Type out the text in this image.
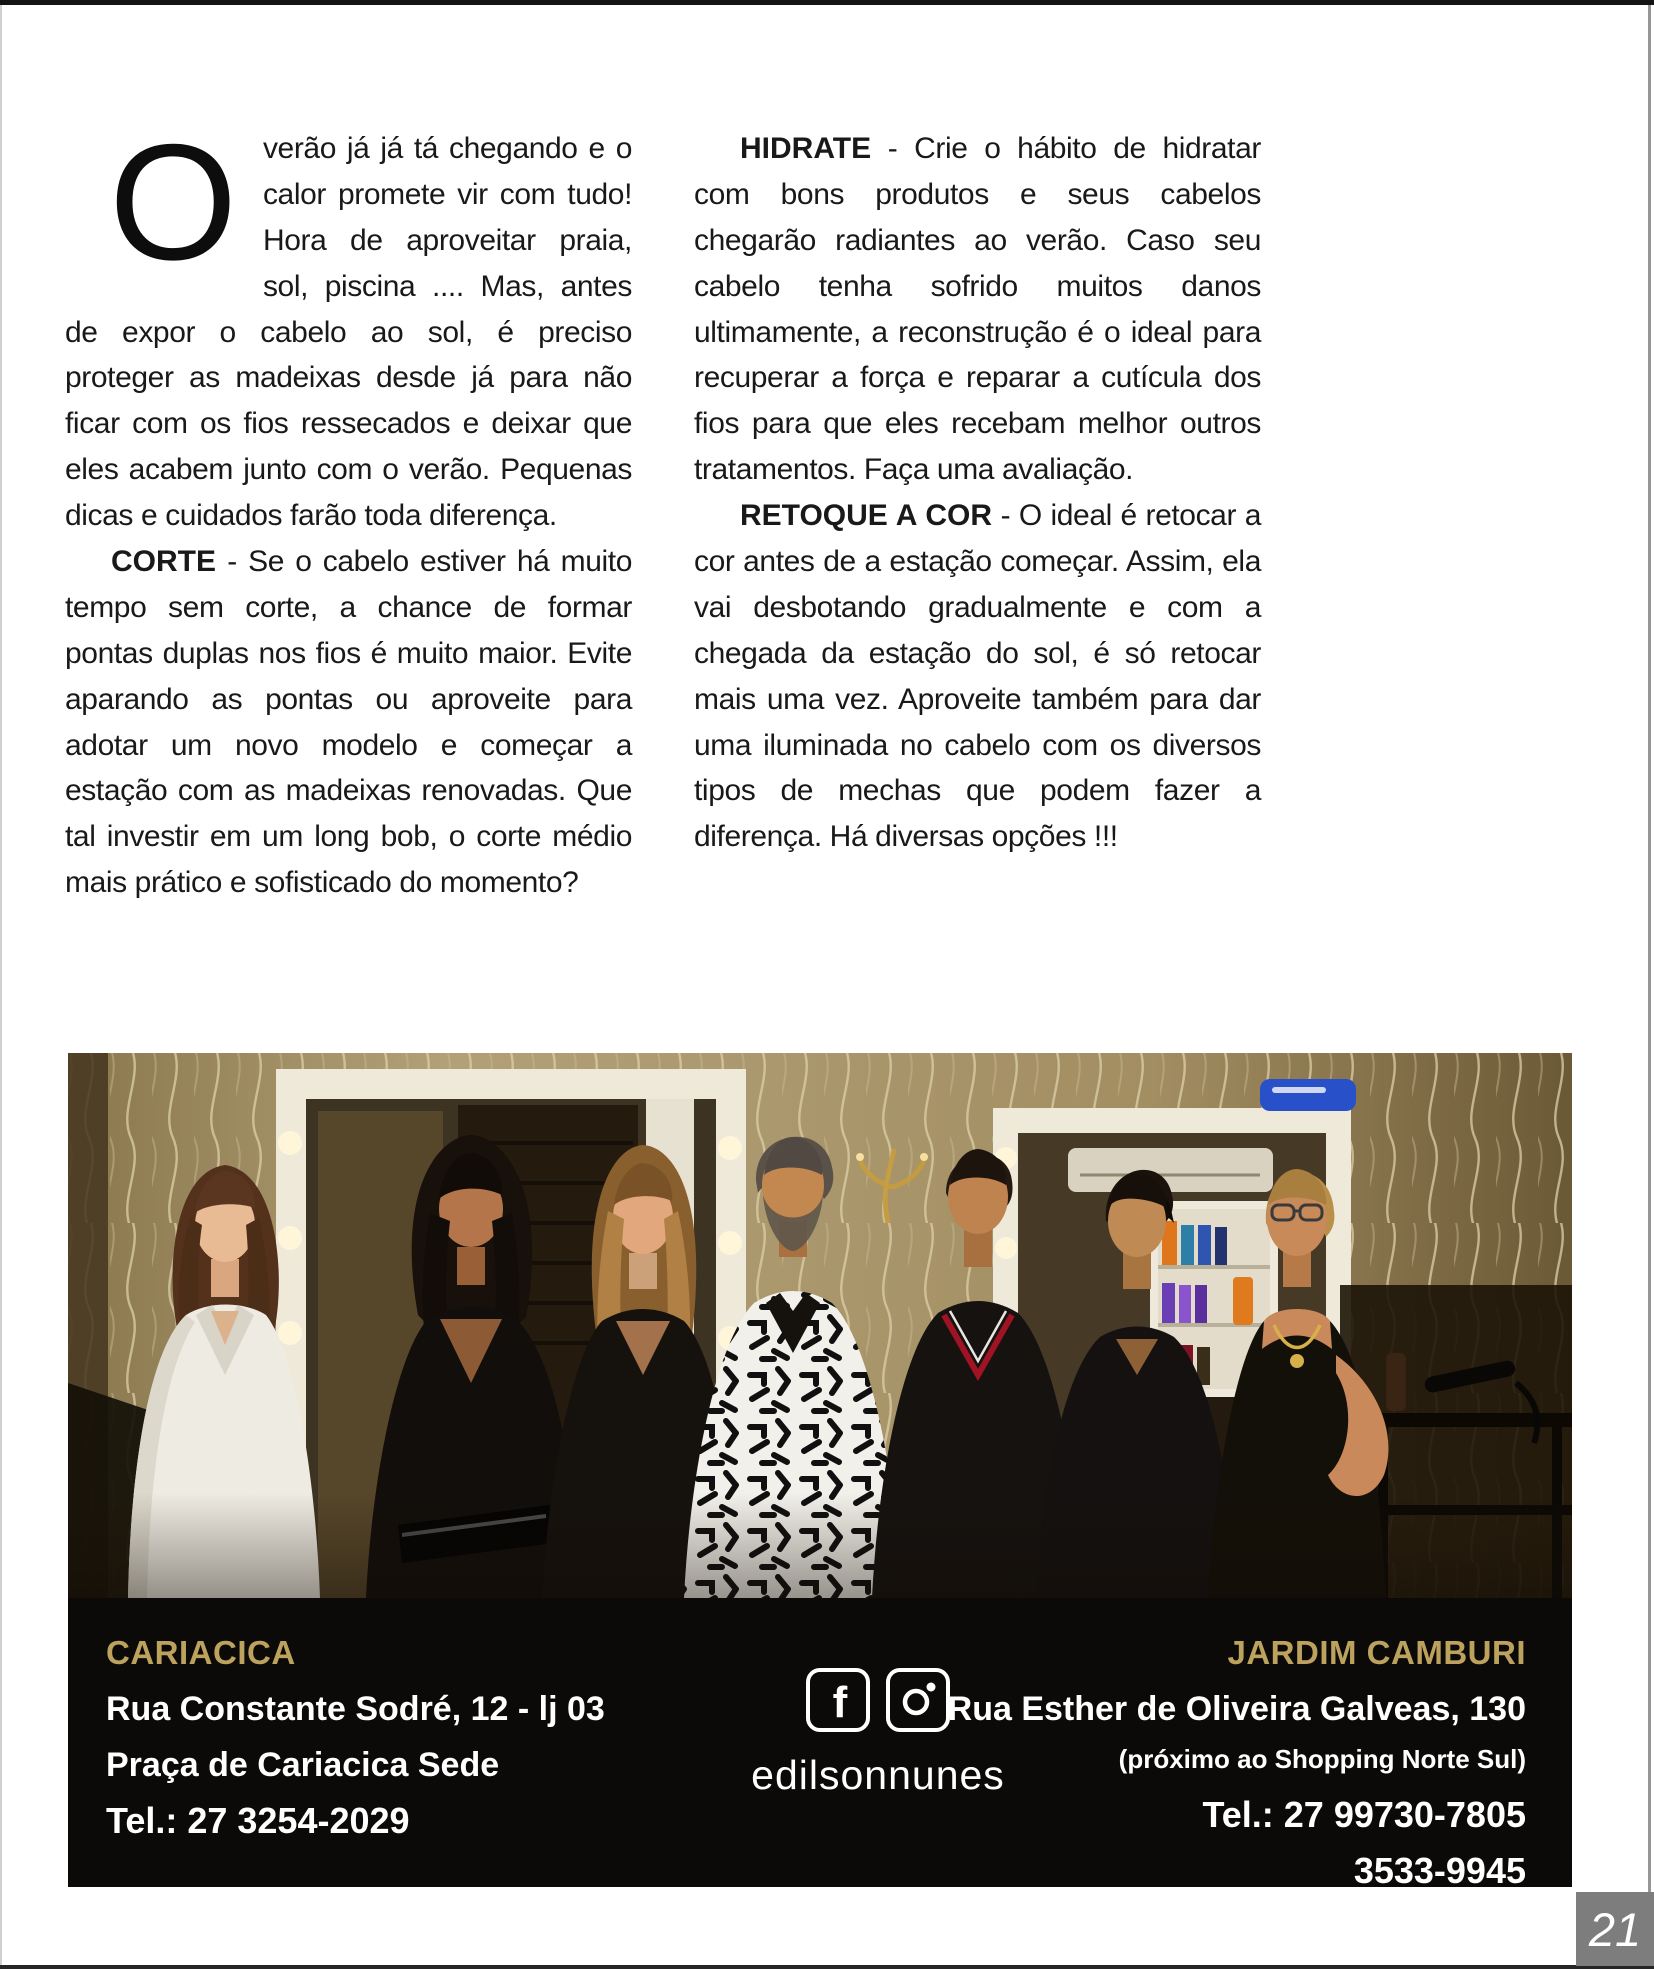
Overão já já tá chegando e o calor promete vir com tudo! Hora de aproveitar praia, sol, piscina .... Mas, antes de expor o cabelo ao sol, é preciso proteger as madeixas desde já para não ficar com os fios ressecados e deixar que eles acabem junto com o verão. Pequenas dicas e cuidados farão toda diferença.

CORTE - Se o cabelo estiver há muito tempo sem corte, a chance de formar pontas duplas nos fios é muito maior. Evite aparando as pontas ou aproveite para adotar um novo modelo e começar a estação com as madeixas renovadas. Que tal investir em um long bob, o corte médio mais prático e sofisticado do momento?

HIDRATE - Crie o hábito de hidratar com bons produtos e seus cabelos chegarão radiantes ao verão. Caso seu cabelo tenha sofrido muitos danos ultimamente, a reconstrução é o ideal para recuperar a força e reparar a cutícula dos fios para que eles recebam melhor outros tratamentos. Faça uma avaliação.

RETOQUE A COR - O ideal é retocar a cor antes de a estação começar. Assim, ela vai desbotando gradualmente e com a chegada da estação do sol, é só retocar mais uma vez. Aproveite também para dar uma iluminada no cabelo com os diversos tipos de mechas que podem fazer a diferença. Há diversas opções !!!

CARIACICA
Rua Constante Sodré, 12 - lj 03
Praça de Cariacica Sede
Tel.: 27 3254-2029
f
edilsonnunes
JARDIM CAMBURI
Rua Esther de Oliveira Galveas, 130
(próximo ao Shopping Norte Sul)
Tel.: 27 99730-7805
3533-9945
21
